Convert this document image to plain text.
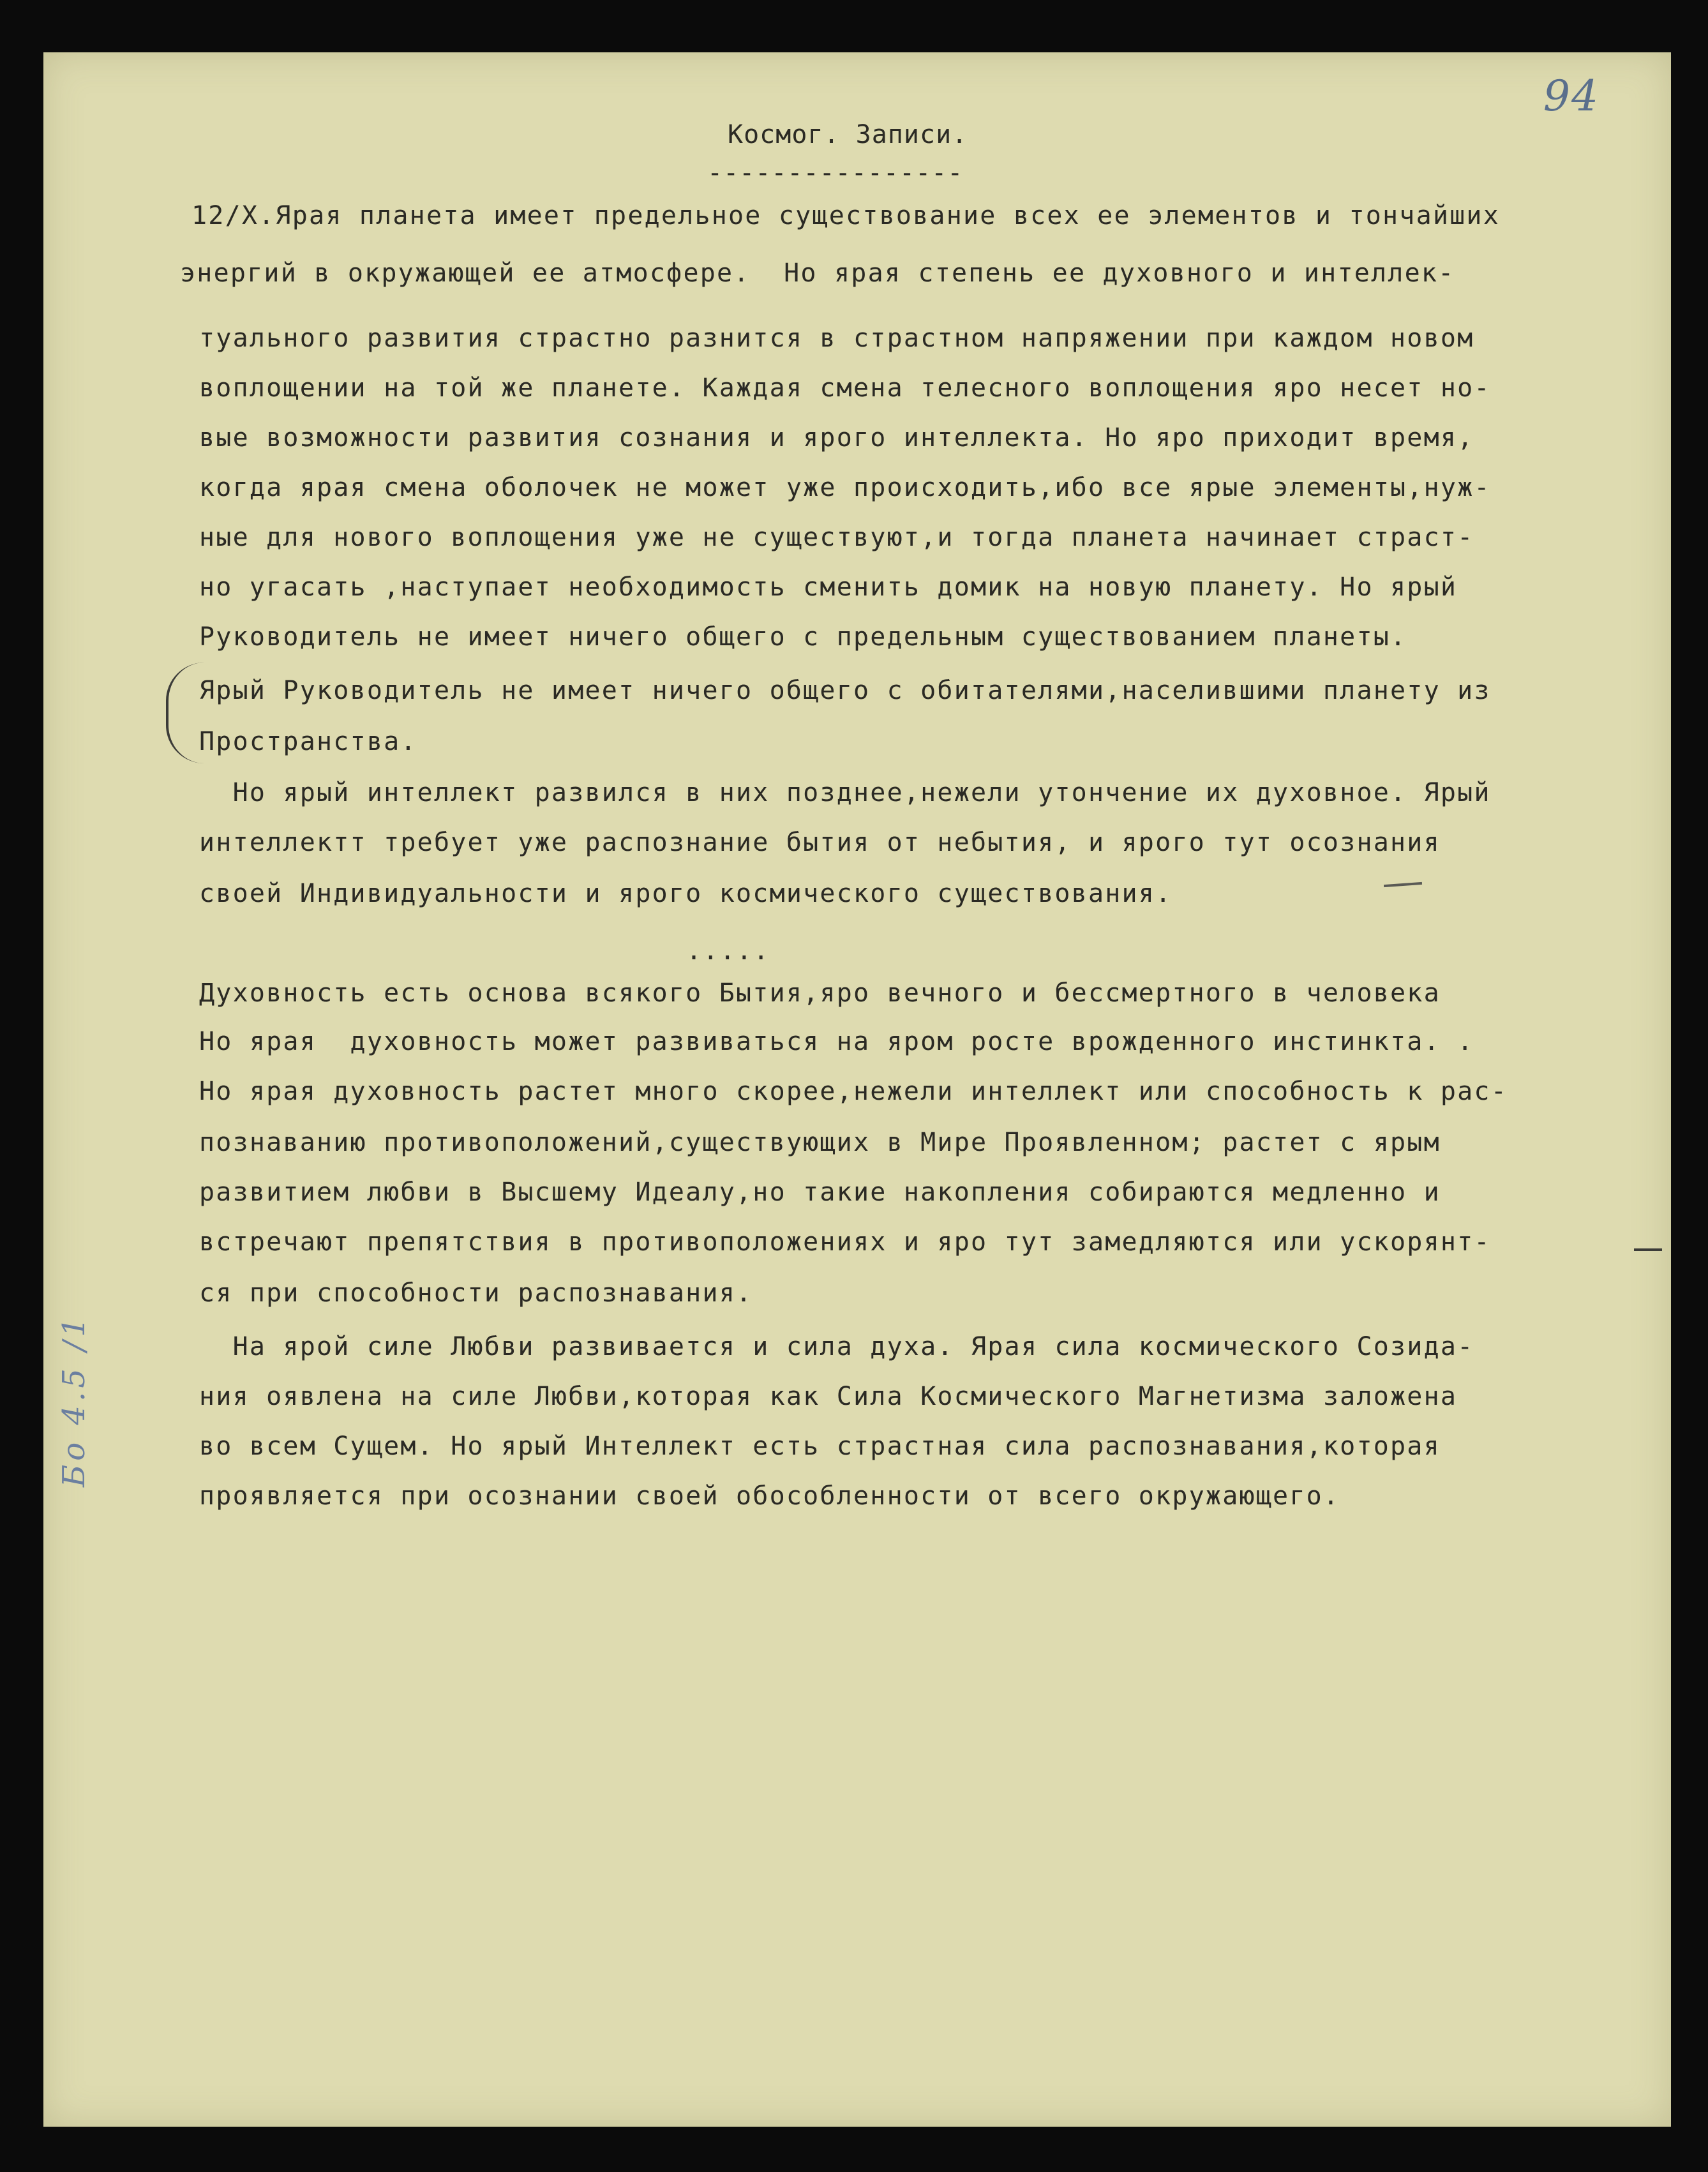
94
Космог. Записи.
----------------
12/Х.Ярая планета имеет предельное существование всех ее элементов и тончайших
энергий в окружающей ее атмосфере.  Но ярая степень ее духовного и интеллек-
туального развития страстно разнится в страстном напряжении при каждом новом
воплощении на той же планете. Каждая смена телесного воплощения яро несет но-
вые возможности развития сознания и ярого интеллекта. Но яро приходит время,
когда ярая смена оболочек не может уже происходить,ибо все ярые элементы,нуж-
ные для нового воплощения уже не существуют,и тогда планета начинает страст-
но угасать ,наступает необходимость сменить домик на новую планету. Но ярый
Руководитель не имеет ничего общего с предельным существованием планеты.
Ярый Руководитель не имеет ничего общего с обитателями,населившими планету из
Пространства.
Но ярый интеллект развился в них позднее,нежели утончение их духовное. Ярый
интеллектт требует уже распознание бытия от небытия, и ярого тут осознания
своей Индивидуальности и ярого космического существования.
.....
Духовность есть основа всякого Бытия,яро вечного и бессмертного в человека
Но ярая  духовность может развиваться на яром росте врожденного инстинкта. .
Но ярая духовность растет много скорее,нежели интеллект или способность к рас-
познаванию противоположений,существующих в Мире Проявленном; растет с ярым
развитием любви в Высшему Идеалу,но такие накопления собираются медленно и
встречают препятствия в противоположениях и яро тут замедляются или ускорянт-
ся при способности распознавания.
На ярой силе Любви развивается и сила духа. Ярая сила космического Созида-
ния оявлена на силе Любви,которая как Сила Космического Магнетизма заложена
во всем Сущем. Но ярый Интеллект есть страстная сила распознавания,которая
проявляется при осознании своей обособленности от всего окружающего.
Бо 4.5 /1
